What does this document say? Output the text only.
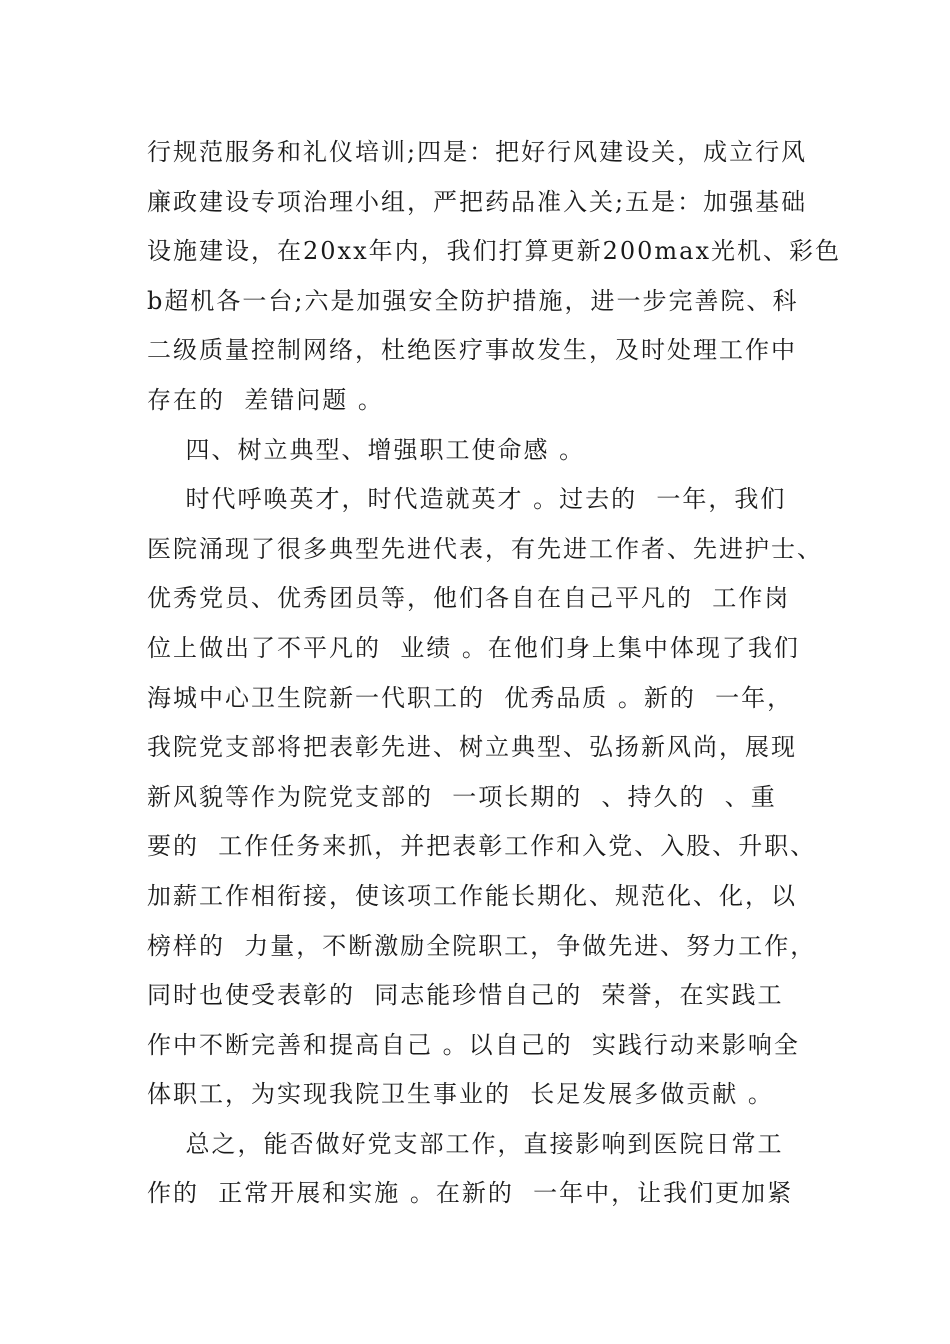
行规范服务和礼仪培训;四是：把好行风建设关，成立行风
廉政建设专项治理小组，严把药品准入关;五是：加强基础
设施建设，在20xx年内，我们打算更新200max光机、彩色
b超机各一台;六是加强安全防护措施，进一步完善院、科
二级质量控制网络，杜绝医疗事故发生，及时处理工作中
存在的  差错问题 。
四、树立典型、增强职工使命感 。
时代呼唤英才，时代造就英才 。过去的  一年，我们
医院涌现了很多典型先进代表，有先进工作者、先进护士、
优秀党员、优秀团员等，他们各自在自己平凡的  工作岗
位上做出了不平凡的  业绩 。在他们身上集中体现了我们
海城中心卫生院新一代职工的  优秀品质 。新的  一年，
我院党支部将把表彰先进、树立典型、弘扬新风尚，展现
新风貌等作为院党支部的  一项长期的  、持久的  、重
要的  工作任务来抓，并把表彰工作和入党、入股、升职、
加薪工作相衔接，使该项工作能长期化、规范化、化，以
榜样的  力量，不断激励全院职工，争做先进、努力工作，
同时也使受表彰的  同志能珍惜自己的  荣誉，在实践工
作中不断完善和提高自己 。以自己的  实践行动来影响全
体职工，为实现我院卫生事业的  长足发展多做贡献 。
总之，能否做好党支部工作，直接影响到医院日常工
作的  正常开展和实施 。在新的  一年中，让我们更加紧
